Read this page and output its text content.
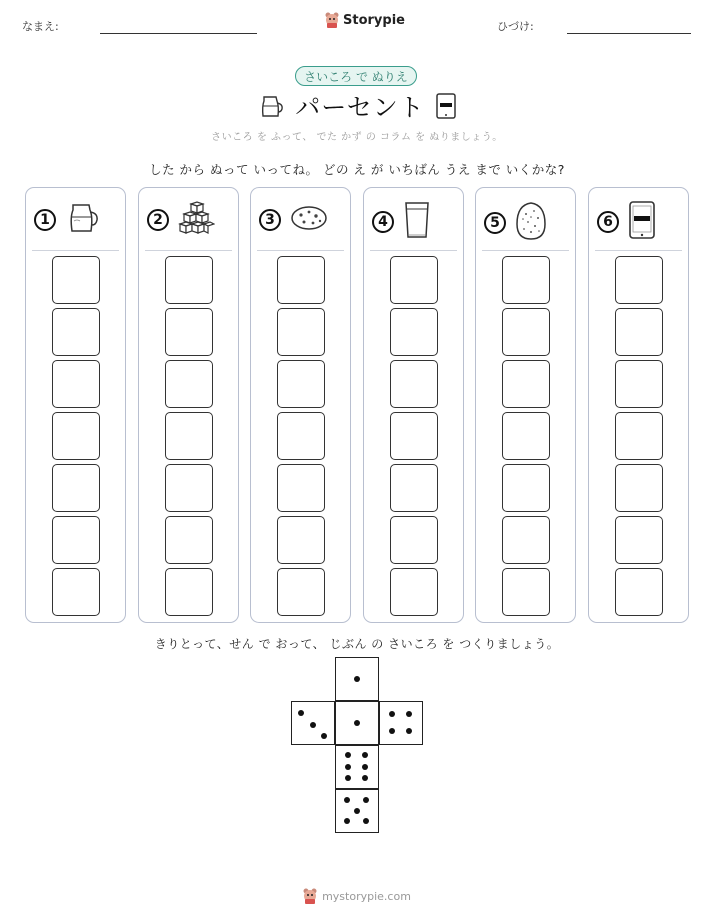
なまえ:	Storypie	ひづけ:
さいころ で ぬりえ
パーセント
さいころ を ふって、 でた かず の コラム を ぬりましょう。
した から ぬって いってね。 どの え が いちばん うえ まで いくかな?
1	2	3	4	5	6
きりとって、せん で おって、 じぶん の さいころ を つくりましょう。
mystorypie.com
